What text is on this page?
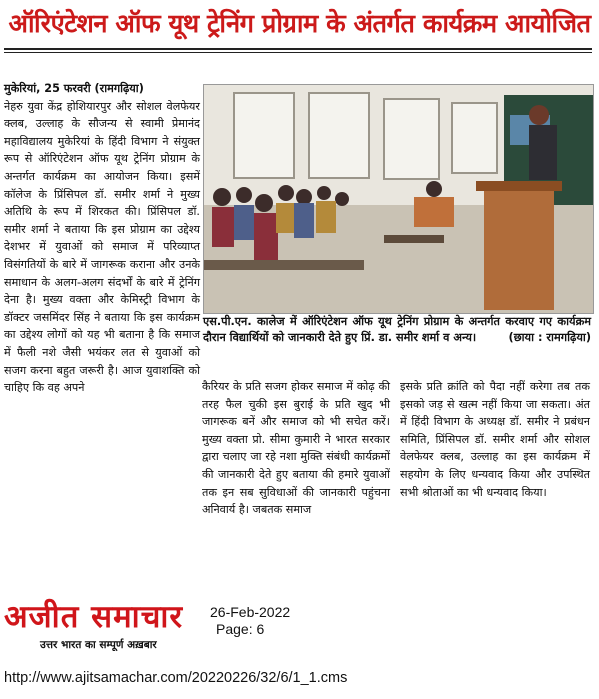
ऑरिएंटेशन ऑफ यूथ ट्रेनिंग प्रोग्राम के अंतर्गत कार्यक्रम आयोजित

मुकेरियां, 25 फरवरी (रामगढ़िया)

नेहरु युवा केंद्र होशियारपुर और सोशल वेलफेयर क्लब, उल्लाह के सौजन्य से स्वामी प्रेमानंद महाविद्यालय मुकेरियां के हिंदी विभाग ने संयुक्त रूप से ऑरिएंटेशन ऑफ यूथ ट्रेनिंग प्रोग्राम के अन्तर्गत कार्यक्रम का आयोजन किया। इसमें कॉलेज के प्रिंसिपल डॉ. समीर शर्मा ने मुख्य अतिथि के रूप में शिरकत की। प्रिंसिपल डॉ. समीर शर्मा ने बताया कि इस प्रोग्राम का उद्देश्य देशभर में युवाओं को समाज में परिव्याप्त विसंगतियों के बारे में जागरूक कराना और उनके समाधान के अलग-अलग संदर्भों के बारे में ट्रेनिंग देना है। मुख्य वक्ता और केमिस्ट्री विभाग के डॉक्टर जसमिंदर सिंह ने बताया कि इस कार्यक्रम का उद्देश्य लोगों को यह भी बताना है कि समाज में फैली नशे जैसी भयंकर लत से युवाओं को सजग करना बहुत जरूरी है। आज युवाशक्ति को चाहिए कि वह अपने

एस.पी.एन. कालेज में ऑरिएंटेशन ऑफ यूथ ट्रेनिंग प्रोग्राम के अन्तर्गत करवाए गए कार्यक्रम दौरान विद्यार्थियों को जानकारी देते हुए प्रिं. डा. समीर शर्मा व अन्य।	(छाया : रामगढ़िया)

कैरियर के प्रति सजग होकर समाज में कोढ़ की तरह फैल चुकी इस बुराई के प्रति खुद भी जागरूक बनें और समाज को भी सचेत करें। मुख्य वक्ता प्रो. सीमा कुमारी ने भारत सरकार द्वारा चलाए जा रहे नशा मुक्ति संबंधी कार्यक्रमों की जानकारी देते हुए बताया की हमारे युवाओं तक इन सब सुविधाओं की जानकारी पहुंचना अनिवार्य है। जबतक समाज

इसके प्रति क्रांति को पैदा नहीं करेगा तब तक इसको जड़ से खत्म नहीं किया जा सकता। अंत में हिंदी विभाग के अध्यक्ष डॉ. समीर ने प्रबंधन समिति, प्रिंसिपल डॉ. समीर शर्मा और सोशल वेलफेयर क्लब, उल्लाह का इस कार्यक्रम में सहयोग के लिए धन्यवाद किया और उपस्थित सभी श्रोताओं का भी धन्यवाद किया।

अजीत समाचार
उत्तर भारत का सम्पूर्ण अख़बार
26-Feb-2022
Page: 6
http://www.ajitsamachar.com/20220226/32/6/1_1.cms
